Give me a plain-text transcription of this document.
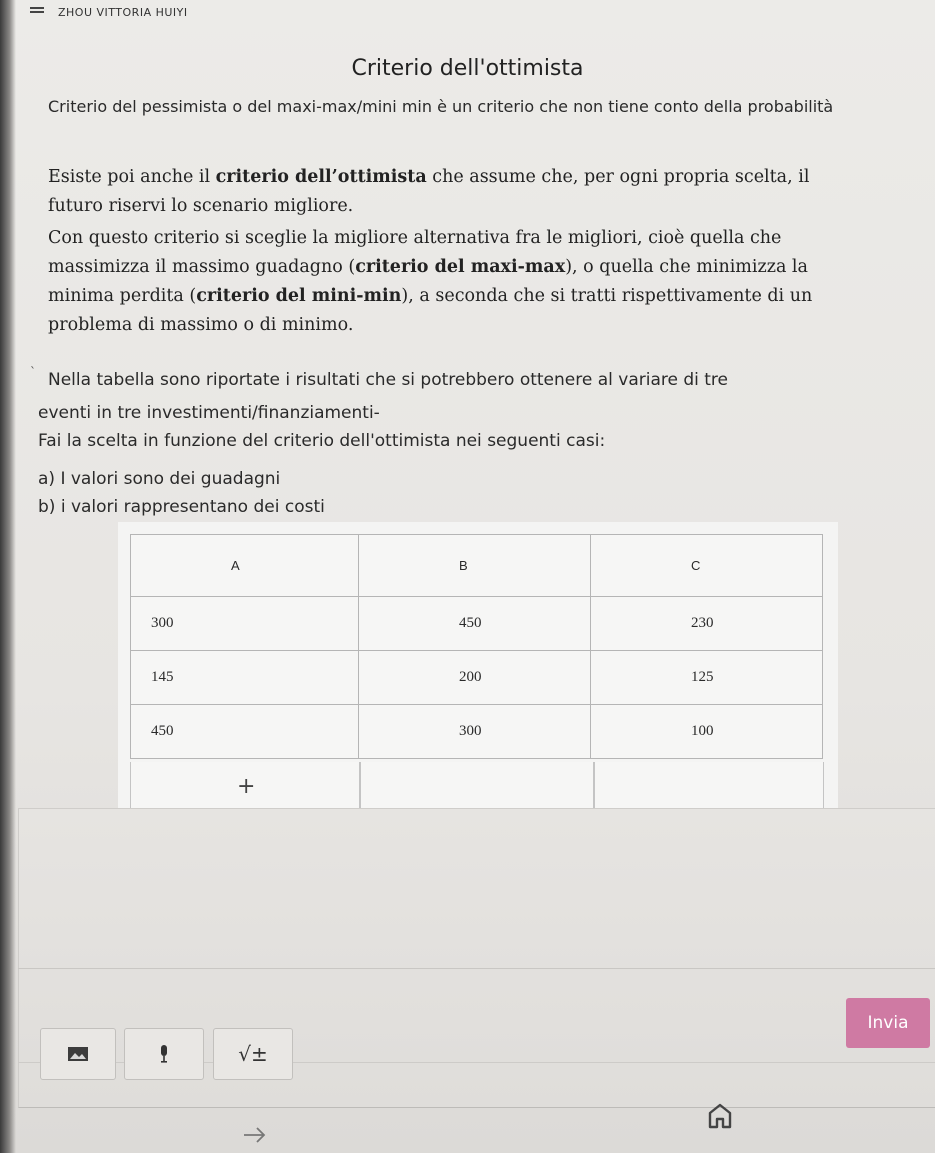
ZHOU VITTORIA HUIYI
Criterio dell'ottimista
Criterio del pessimista o del maxi-max/mini min è un criterio che non tiene conto della probabilità
Esiste poi anche il criterio dell’ottimista che assume che, per ogni propria scelta, il futuro riservi lo scenario migliore.
Con questo criterio si sceglie la migliore alternativa fra le migliori, cioè quella che massimizza il massimo guadagno (criterio del maxi-max), o quella che minimizza la minima perdita (criterio del mini-min), a seconda che si tratti rispettivamente di un problema di massimo o di minimo.
` Nella tabella sono riportate i risultati che si potrebbero ottenere al variare di tre
eventi in tre investimenti/finanziamenti-
Fai la scelta in funzione del criterio dell'ottimista nei seguenti casi:
a) I valori sono dei guadagni
b) i valori rappresentano dei costi
A	B	C
300	450	230
145	200	125
450	300	100
+
Invia
√±
